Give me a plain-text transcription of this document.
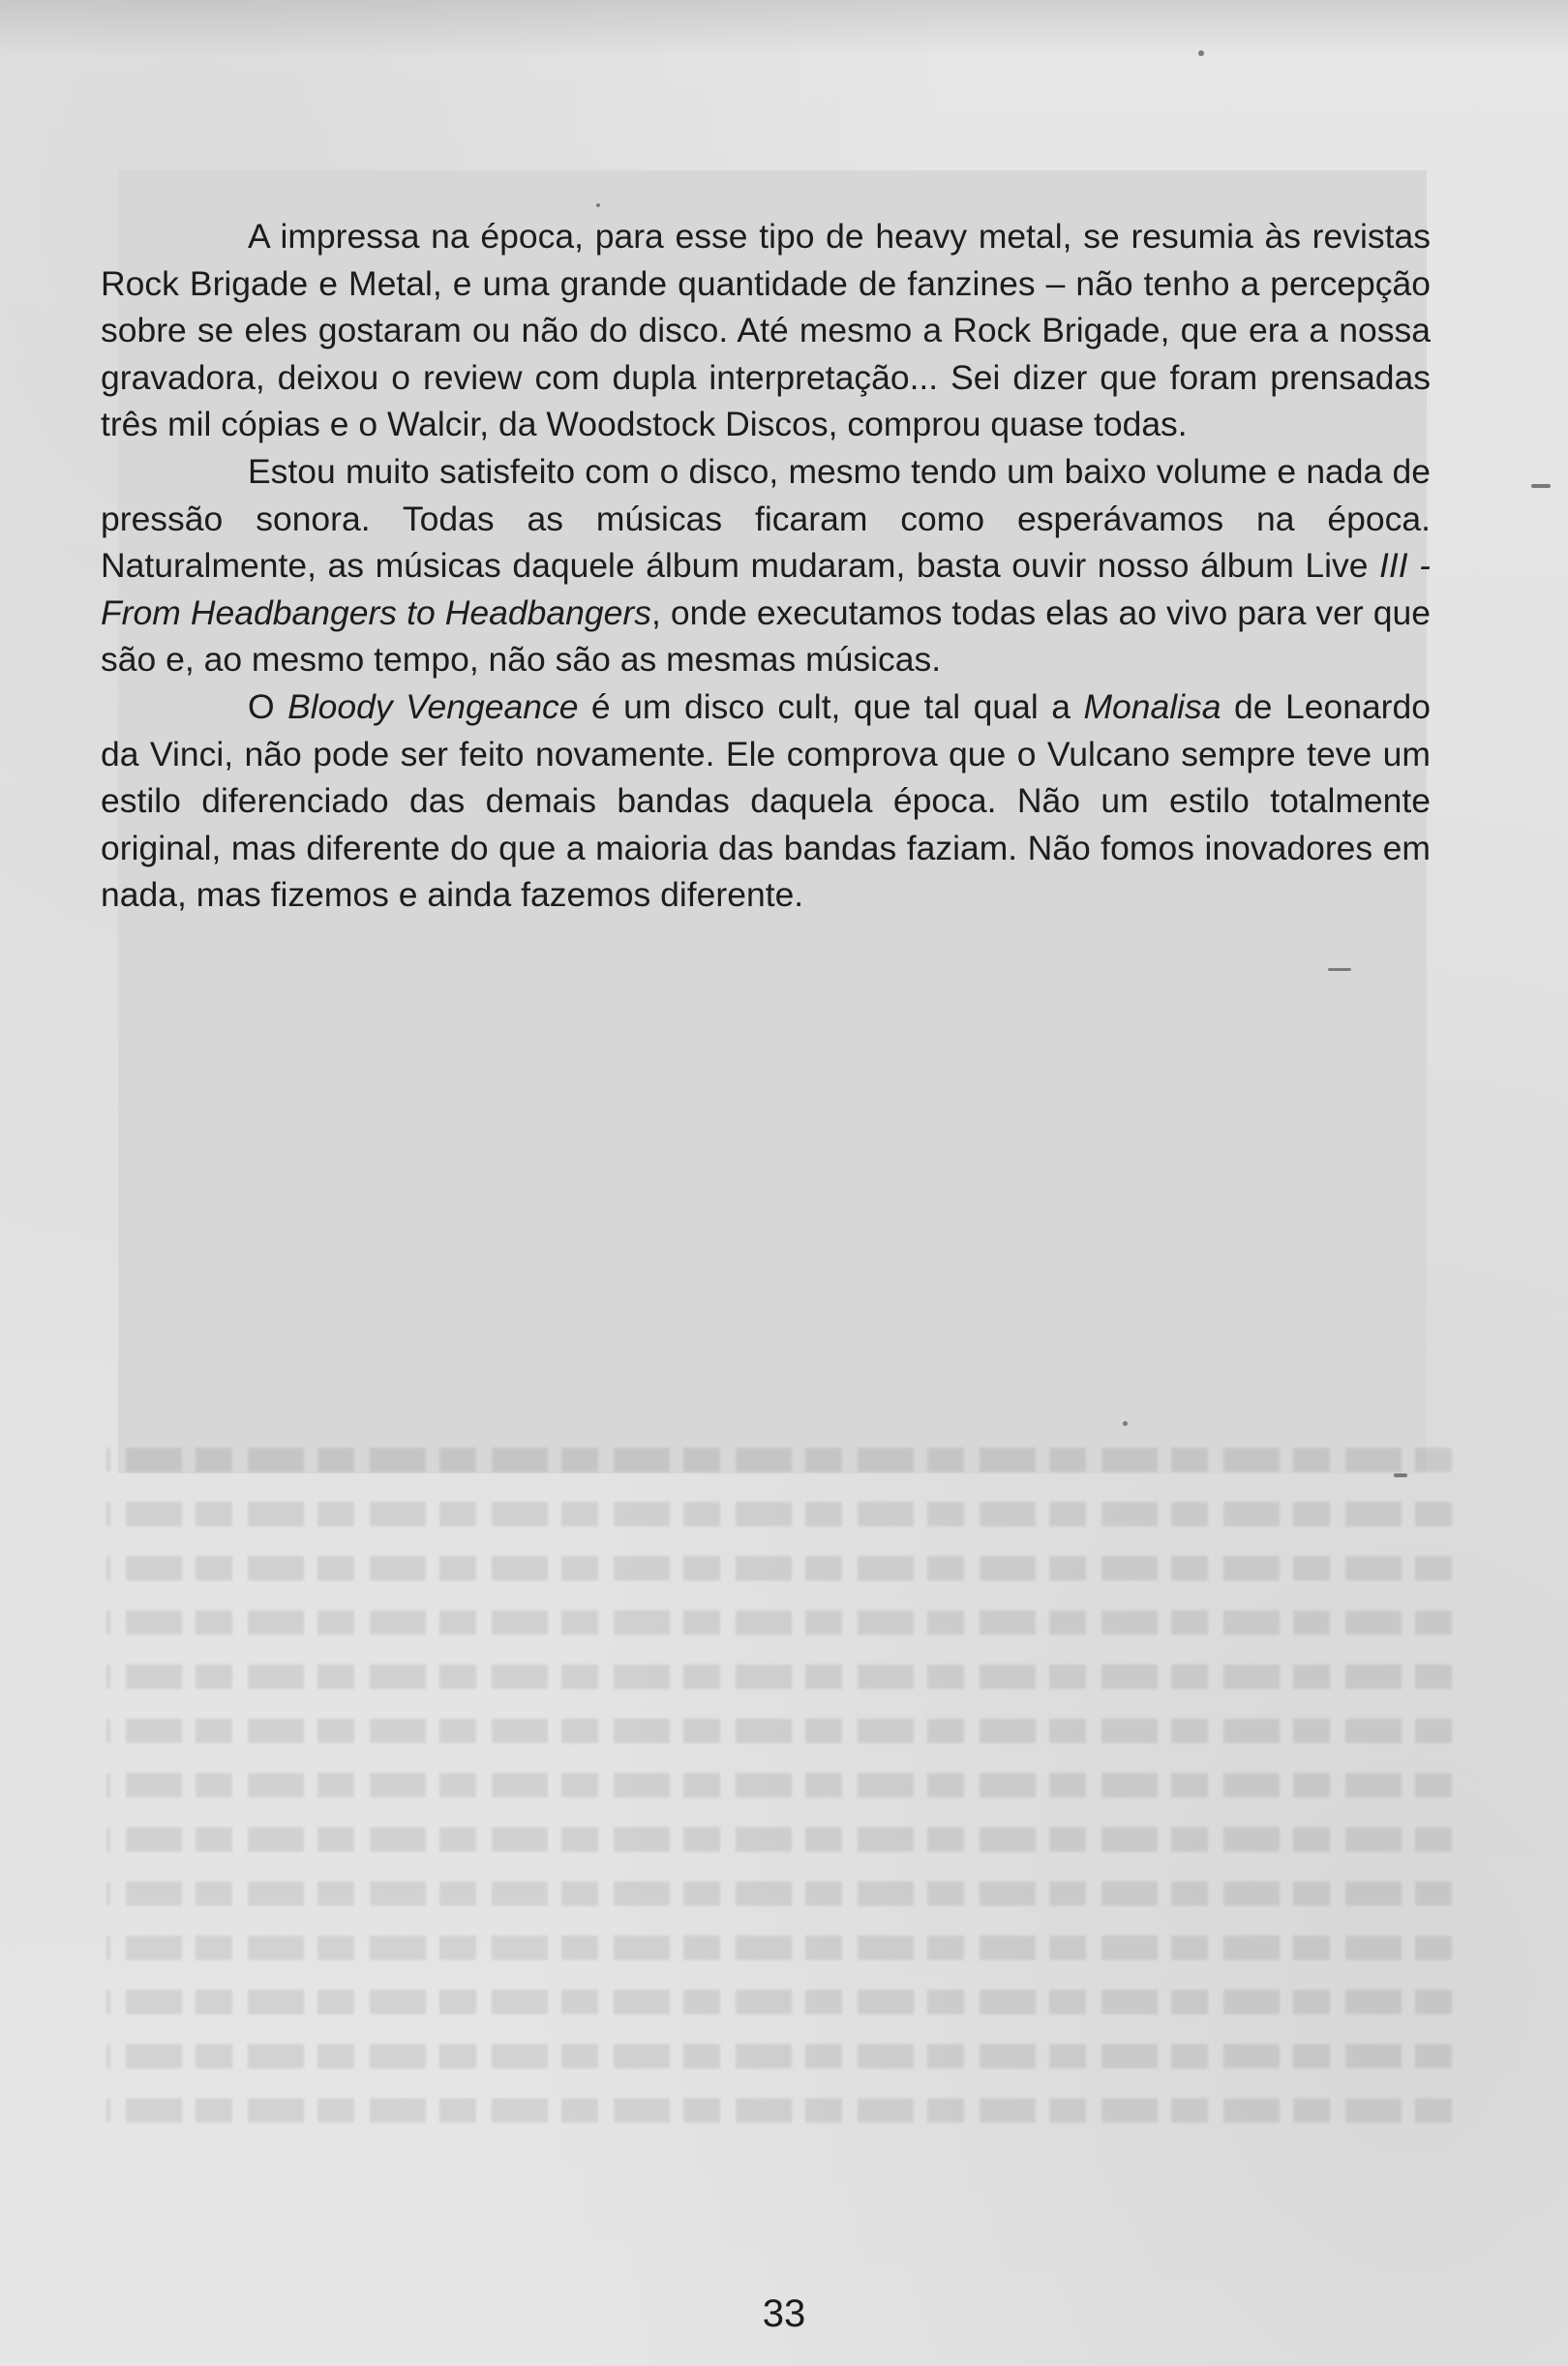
A impressa na época, para esse tipo de heavy metal, se resumia às revistas Rock Brigade e Metal, e uma grande quantidade de fanzines – não tenho a percepção sobre se eles gostaram ou não do disco. Até mesmo a Rock Brigade, que era a nossa gravadora, deixou o review com dupla interpretação... Sei dizer que foram prensadas três mil cópias e o Walcir, da Woodstock Discos, comprou quase todas.

Estou muito satisfeito com o disco, mesmo tendo um baixo volume e nada de pressão sonora. Todas as músicas ficaram como esperávamos na época. Naturalmente, as músicas daquele álbum mudaram, basta ouvir nosso álbum Live III - From Headbangers to Headbangers, onde executamos todas elas ao vivo para ver que são e, ao mesmo tempo, não são as mesmas músicas.

O Bloody Vengeance é um disco cult, que tal qual a Monalisa de Leonardo da Vinci, não pode ser feito novamente. Ele comprova que o Vulcano sempre teve um estilo diferenciado das demais bandas daquela época. Não um estilo totalmente original, mas diferente do que a maioria das bandas faziam. Não fomos inovadores em nada, mas fizemos e ainda fazemos diferente.

33
